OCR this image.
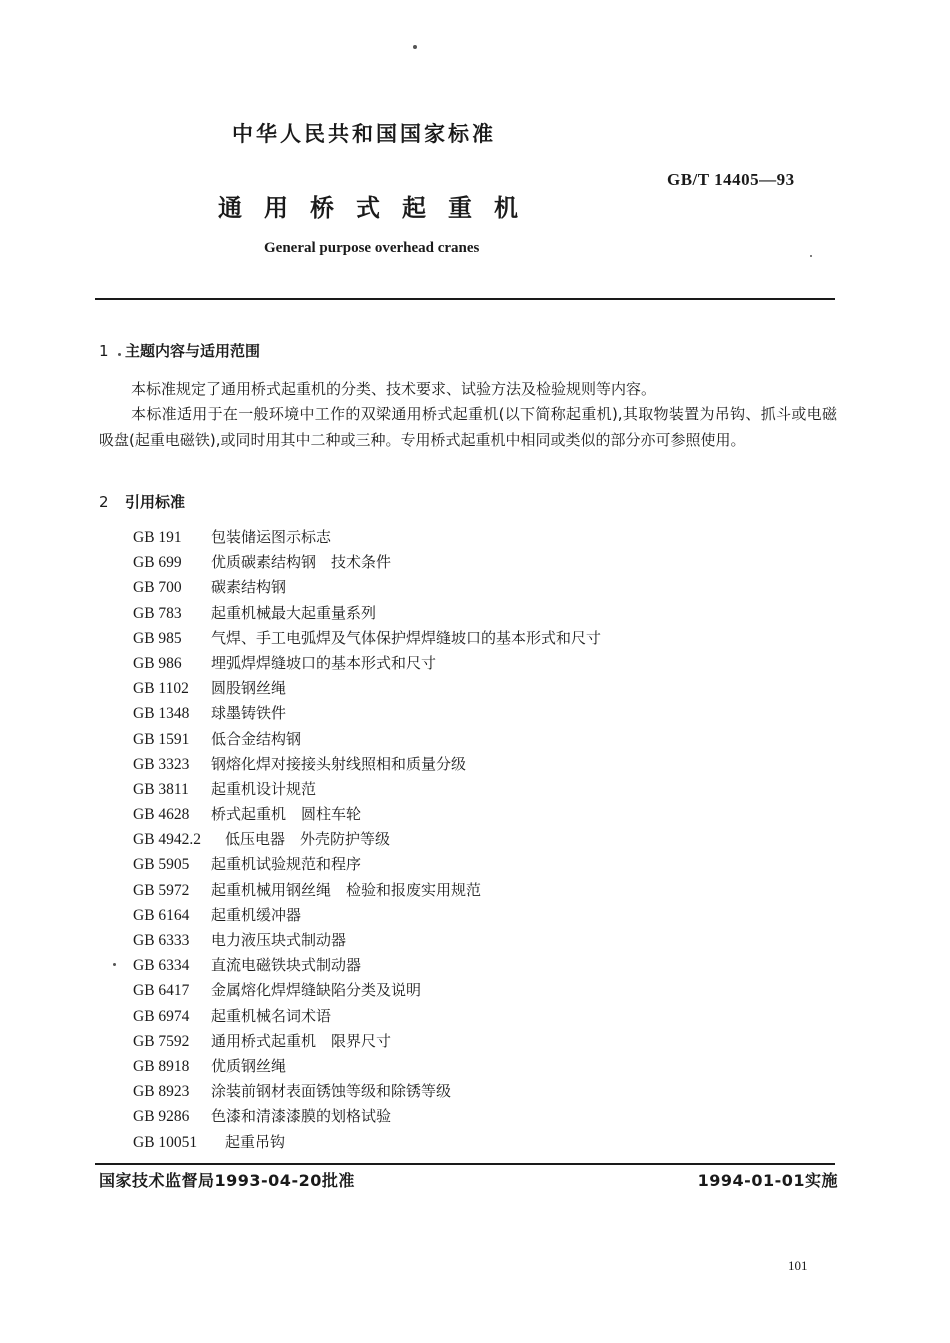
中华人民共和国国家标准
GB/T 14405—93
通用桥式起重机
General purpose overhead cranes
1 主题内容与适用范围
本标准规定了通用桥式起重机的分类、技术要求、试验方法及检验规则等内容。
本标准适用于在一般环境中工作的双梁通用桥式起重机(以下简称起重机),其取物装置为吊钩、抓斗或电磁吸盘(起重电磁铁),或同时用其中二种或三种。专用桥式起重机中相同或类似的部分亦可参照使用。
2 引用标准
GB 191 包装储运图示标志
GB 699 优质碳素结构钢　技术条件
GB 700 碳素结构钢
GB 783 起重机械最大起重量系列
GB 985 气焊、手工电弧焊及气体保护焊焊缝坡口的基本形式和尺寸
GB 986 埋弧焊焊缝坡口的基本形式和尺寸
GB 1102 圆股钢丝绳
GB 1348 球墨铸铁件
GB 1591 低合金结构钢
GB 3323 钢熔化焊对接接头射线照相和质量分级
GB 3811 起重机设计规范
GB 4628 桥式起重机　圆柱车轮
GB 4942.2 低压电器　外壳防护等级
GB 5905 起重机试验规范和程序
GB 5972 起重机械用钢丝绳　检验和报废实用规范
GB 6164 起重机缓冲器
GB 6333 电力液压块式制动器
GB 6334 直流电磁铁块式制动器
GB 6417 金属熔化焊焊缝缺陷分类及说明
GB 6974 起重机械名词术语
GB 7592 通用桥式起重机　限界尺寸
GB 8918 优质钢丝绳
GB 8923 涂装前钢材表面锈蚀等级和除锈等级
GB 9286 色漆和清漆漆膜的划格试验
GB 10051 起重吊钩
国家技术监督局1993-04-20批准	1994-01-01实施
101
